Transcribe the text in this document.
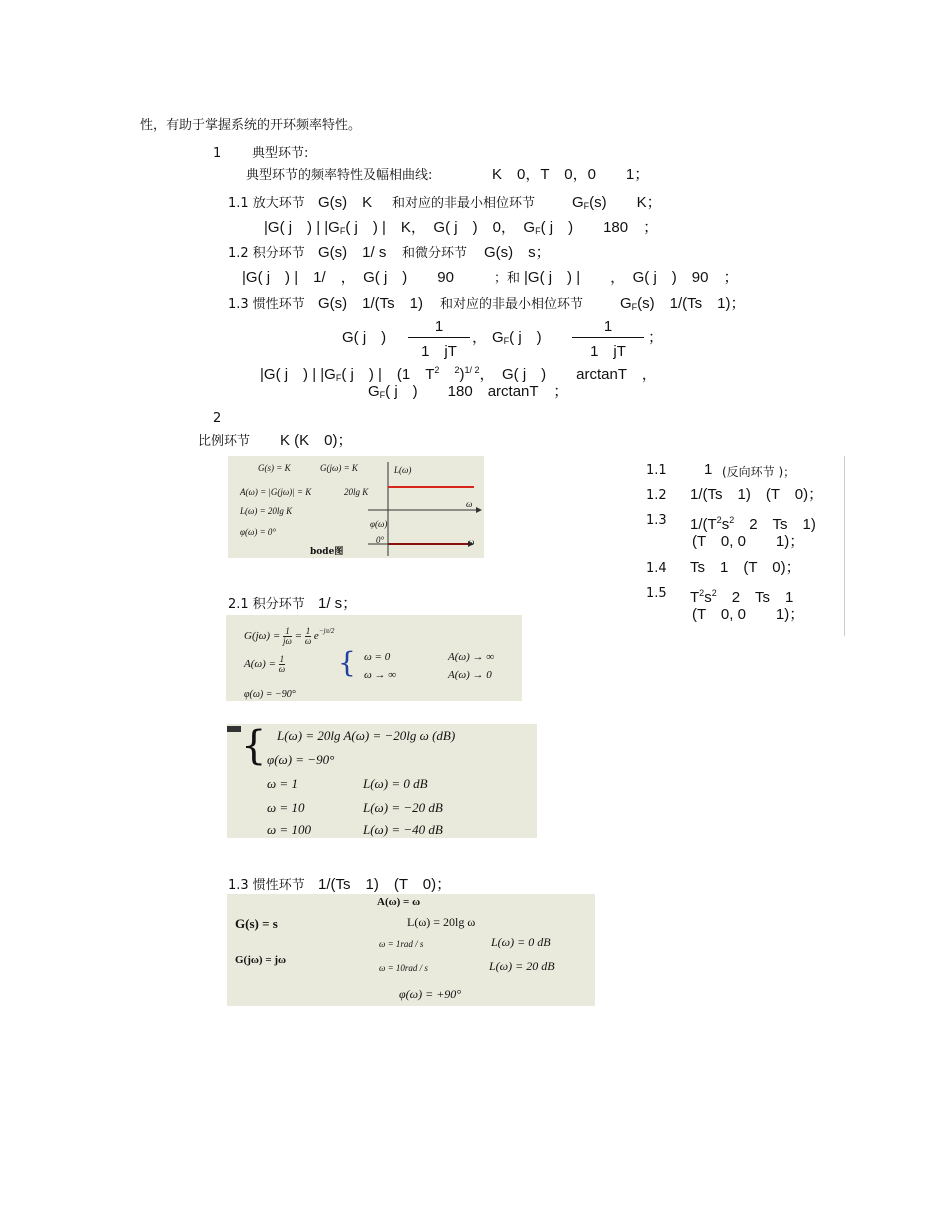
性，有助于掌握系统的开环频率特性。
1 典型环节:
典型环节的频率特性及幅相曲线:	K　0，T　0，0　　1；
1.1 放大环节 G(s)　K 和对应的非最小相位环节 $G_F(s)$　　K；
|G( j　) | $|G_F$( j　) |　K，　G( j　)　0，　$G_F$( j　)　　180　；
1.2 积分环节 G(s)　1/ s 和微分环节 G(s)　s；
|G( j　) |　1/　，　G( j　)　　90	；和 |G( j　) |　　，　G( j　)　90　；
1.3 惯性环节 G(s)　1/(Ts　1) 和对应的非最小相位环节 $G_F(s)$　1/(Ts　1)；
G( j　)
1
1　jT
， $G_F$( j　)
1
1　jT
；
|G( j　) | $|G_F$( j　) |　(1　$T^2$　 $^2$)$^{1/ 2}$，　G( j　)　　arctanT　，
$G_F$( j　)　　180　arctanT　；
2
比例环节 K (K　0)；
G(s) = K	G(jω) = K	L(ω)
A(ω) = |G(jω)| = K	20lg K
L(ω) = 20lg K
ω
φ(ω)
φ(ω) = 0°
0°	ω
bode图
1.1 1 (反向环节 )；
1.2 1/(Ts　1)　(T　0)；
1.3 $1/(T^2s^2$　2　Ts　1)
(T　0, 0　　1)；
1.4 Ts　1　(T　0)；
1.5 $T^2s^2$　2　Ts　1
(T　0, 0　　1)；
2.1 积分环节 1/ s；
$G(j\omega) = \frac{1}{j\omega} = \frac{1}{\omega} e^{-j\pi/2}$
$A(\omega) = \frac{1}{\omega}$ { ω = 0	A(ω) → ∞
ω → ∞	A(ω) → 0
φ(ω) = −90°
{ L(ω) = 20lg A(ω) = −20lg ω (dB)
φ(ω) = −90°
ω = 1	L(ω) = 0 dB
ω = 10	L(ω) = −20 dB
ω = 100	L(ω) = −40 dB
1.3 惯性环节 1/(Ts　1)　(T　0)；
A(ω) = ω
G(s) = s	L(ω) = 20lg ω
ω = 1rad / s	L(ω) = 0 dB
G(jω) = jω
ω = 10rad / s	L(ω) = 20 dB
φ(ω) = +90°
